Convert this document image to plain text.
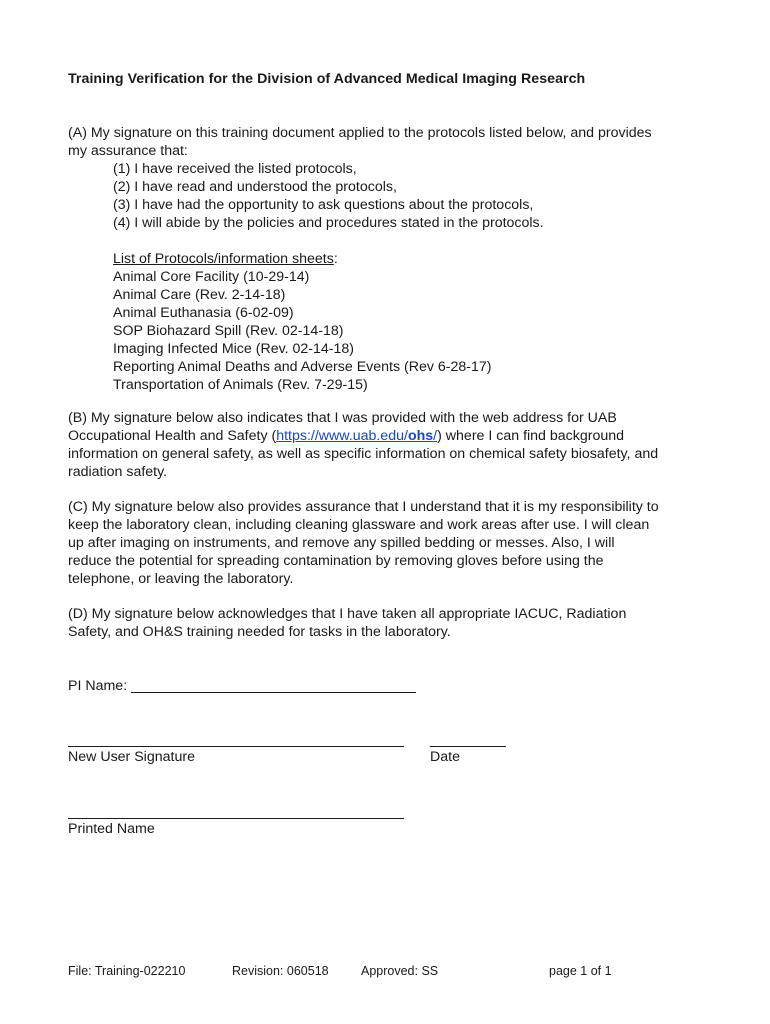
Training Verification for the Division of Advanced Medical Imaging Research
(A) My signature on this training document applied to the protocols listed below, and provides
my assurance that:
(1) I have received the listed protocols,
(2) I have read and understood the protocols,
(3) I have had the opportunity to ask questions about the protocols,
(4) I will abide by the policies and procedures stated in the protocols.
List of Protocols/information sheets:
Animal Core Facility (10-29-14)
Animal Care (Rev. 2-14-18)
Animal Euthanasia (6-02-09)
SOP Biohazard Spill (Rev. 02-14-18)
Imaging Infected Mice (Rev. 02-14-18)
Reporting Animal Deaths and Adverse Events (Rev 6-28-17)
Transportation of Animals (Rev. 7-29-15)
(B) My signature below also indicates that I was provided with the web address for UAB
Occupational Health and Safety (https://www.uab.edu/ohs/) where I can find background
information on general safety, as well as specific information on chemical safety biosafety, and
radiation safety.
(C) My signature below also provides assurance that I understand that it is my responsibility to
keep the laboratory clean, including cleaning glassware and work areas after use. I will clean
up after imaging on instruments, and remove any spilled bedding or messes. Also, I will
reduce the potential for spreading contamination by removing gloves before using the
telephone, or leaving the laboratory.
(D) My signature below acknowledges that I have taken all appropriate IACUC, Radiation
Safety, and OH&S training needed for tasks in the laboratory.
PI Name:
New User Signature	Date
Printed Name
File: Training-022210	Revision: 060518	Approved: SS	page 1 of 1
